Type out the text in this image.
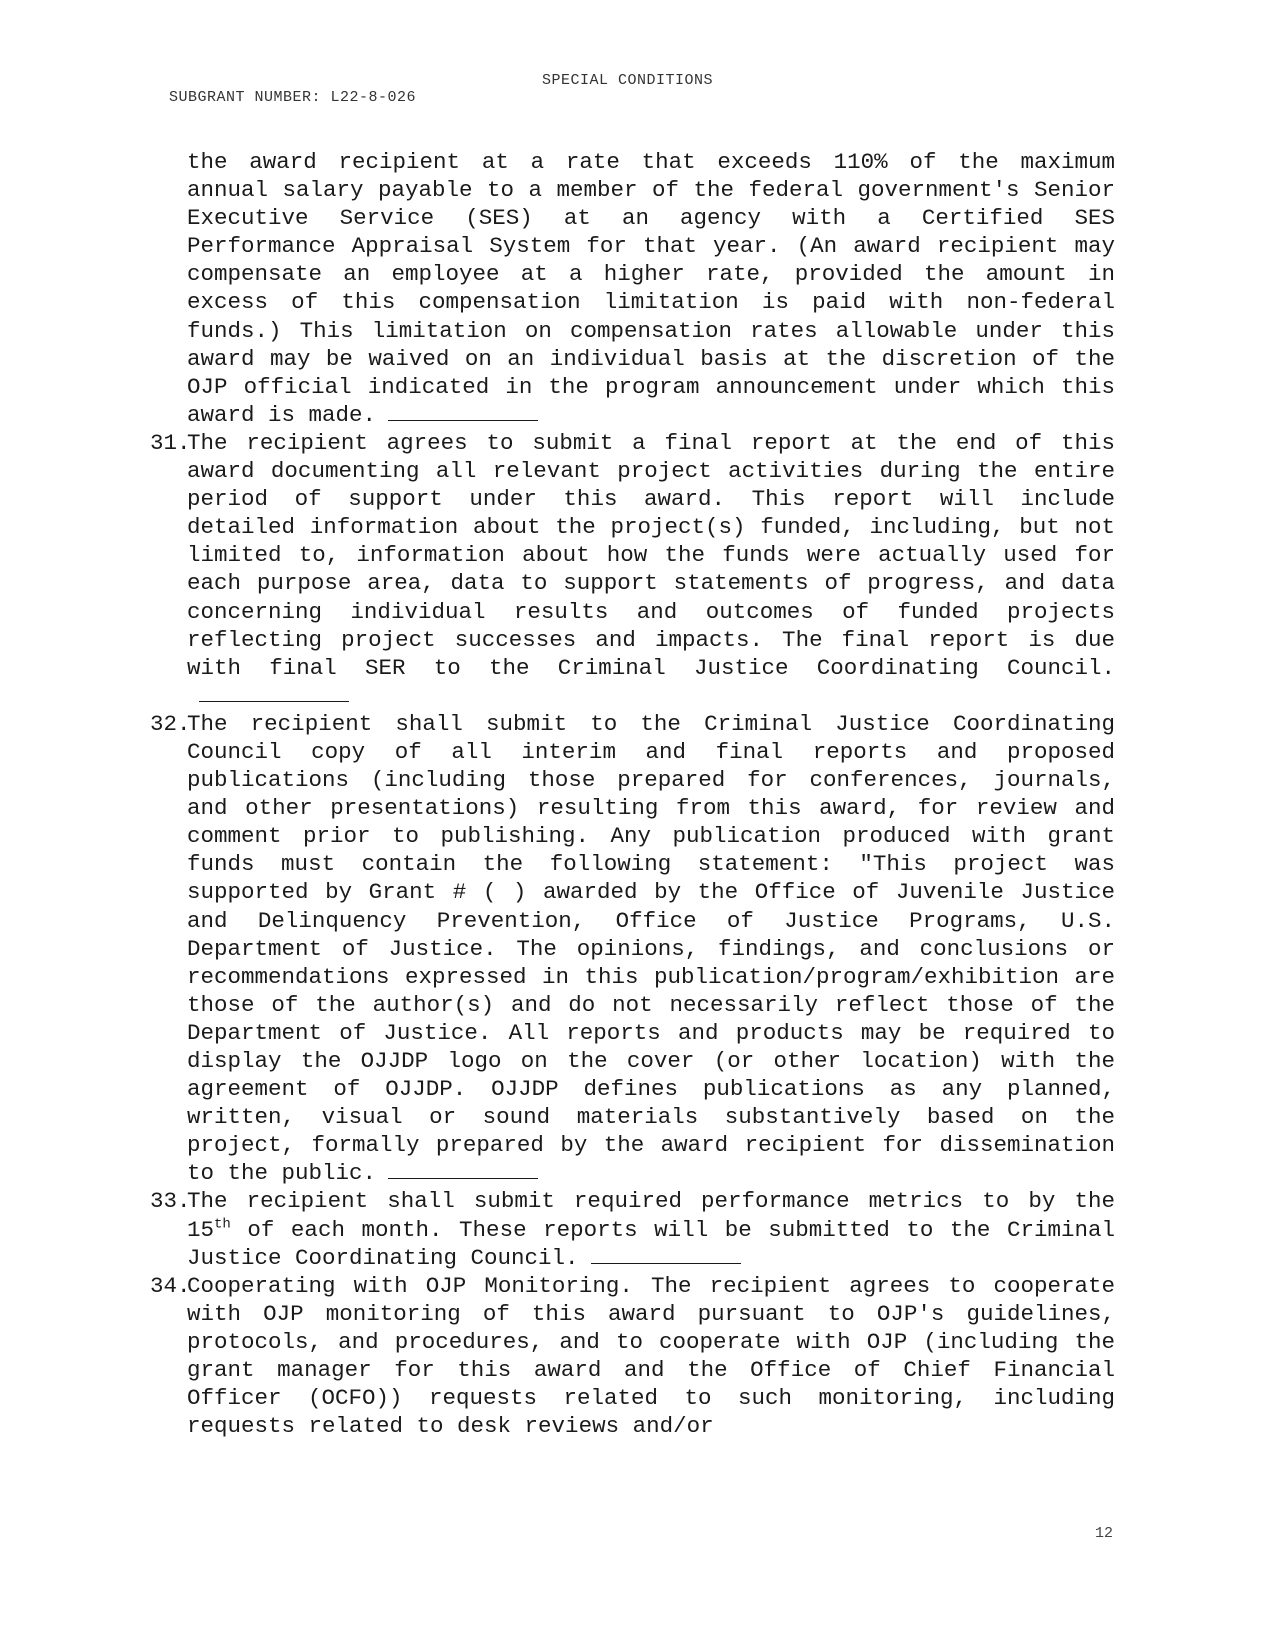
SUBGRANT NUMBER: L22-8-026

SPECIAL CONDITIONS

the award recipient at a rate that exceeds 110% of the maximum annual salary payable to a member of the federal government's Senior Executive Service (SES) at an agency with a Certified SES Performance Appraisal System for that year. (An award recipient may compensate an employee at a higher rate, provided the amount in excess of this compensation limitation is paid with non-federal funds.) This limitation on compensation rates allowable under this award may be waived on an individual basis at the discretion of the OJP official indicated in the program announcement under which this award is made.

31.
The recipient agrees to submit a final report at the end of this award documenting all relevant project activities during the entire period of support under this award. This report will include detailed information about the project(s) funded, including, but not limited to, information about how the funds were actually used for each purpose area, data to support statements of progress, and data concerning individual results and outcomes of funded projects reflecting project successes and impacts. The final report is due with final SER to the Criminal Justice Coordinating Council.
32.
The recipient shall submit to the Criminal Justice Coordinating Council copy of all interim and final reports and proposed publications (including those prepared for conferences, journals, and other presentations) resulting from this award, for review and comment prior to publishing. Any publication produced with grant funds must contain the following statement: "This project was supported by Grant # ( ) awarded by the Office of Juvenile Justice and Delinquency Prevention, Office of Justice Programs, U.S. Department of Justice. The opinions, findings, and conclusions or recommendations expressed in this publication/program/exhibition are those of the author(s) and do not necessarily reflect those of the Department of Justice. All reports and products may be required to display the OJJDP logo on the cover (or other location) with the agreement of OJJDP. OJJDP defines publications as any planned, written, visual or sound materials substantively based on the project, formally prepared by the award recipient for dissemination to the public.
33.
The recipient shall submit required performance metrics to by the 15th of each month. These reports will be submitted to the Criminal Justice Coordinating Council.
34.
Cooperating with OJP Monitoring. The recipient agrees to cooperate with OJP monitoring of this award pursuant to OJP's guidelines, protocols, and procedures, and to cooperate with OJP (including the grant manager for this award and the Office of Chief Financial Officer (OCFO)) requests related to such monitoring, including requests related to desk reviews and/or
12
